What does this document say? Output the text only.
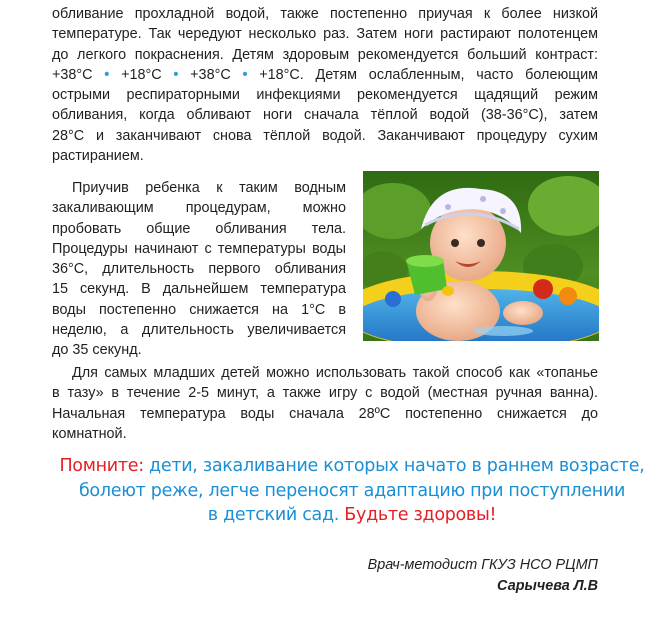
обливание прохладной водой, также постепенно приучая к более низкой
температуре. Так чередуют несколько раз. Затем ноги растирают полотенцем
до легкого покраснения. Детям здоровым рекомендуется больший контраст:
+38°С • +18°С • +38°С • +18°С. Детям ослабленным, часто болеющим
острыми респираторными инфекциями рекомендуется щадящий режим
обливания, когда обливают ноги сначала тёплой водой (38-36°С), затем
28°С и заканчивают снова тёплой водой. Заканчивают процедуру сухим
растиранием.
Приучив ребенка к таким водным
закаливающим процедурам, можно
пробовать общие обливания тела.
Процедуры начинают с температуры воды
36°С, длительность первого обливания
15 секунд. В дальнейшем температура
воды постепенно снижается на 1°С в
неделю, а длительность увеличивается
до 35 секунд.
Для самых младших детей можно использовать такой способ как «топанье
в тазу» в течение 2-5 минут, а также игру с водой (местная ручная ванна).
Начальная температура воды сначала 28ºС постепенно снижается до
комнатной.
Помните: дети, закаливание которых начато в раннем возрасте,
болеют реже, легче переносят адаптацию при поступлении
в детский сад. Будьте здоровы!
Врач-методист ГКУЗ НСО РЦМП
Сарычева Л.В
